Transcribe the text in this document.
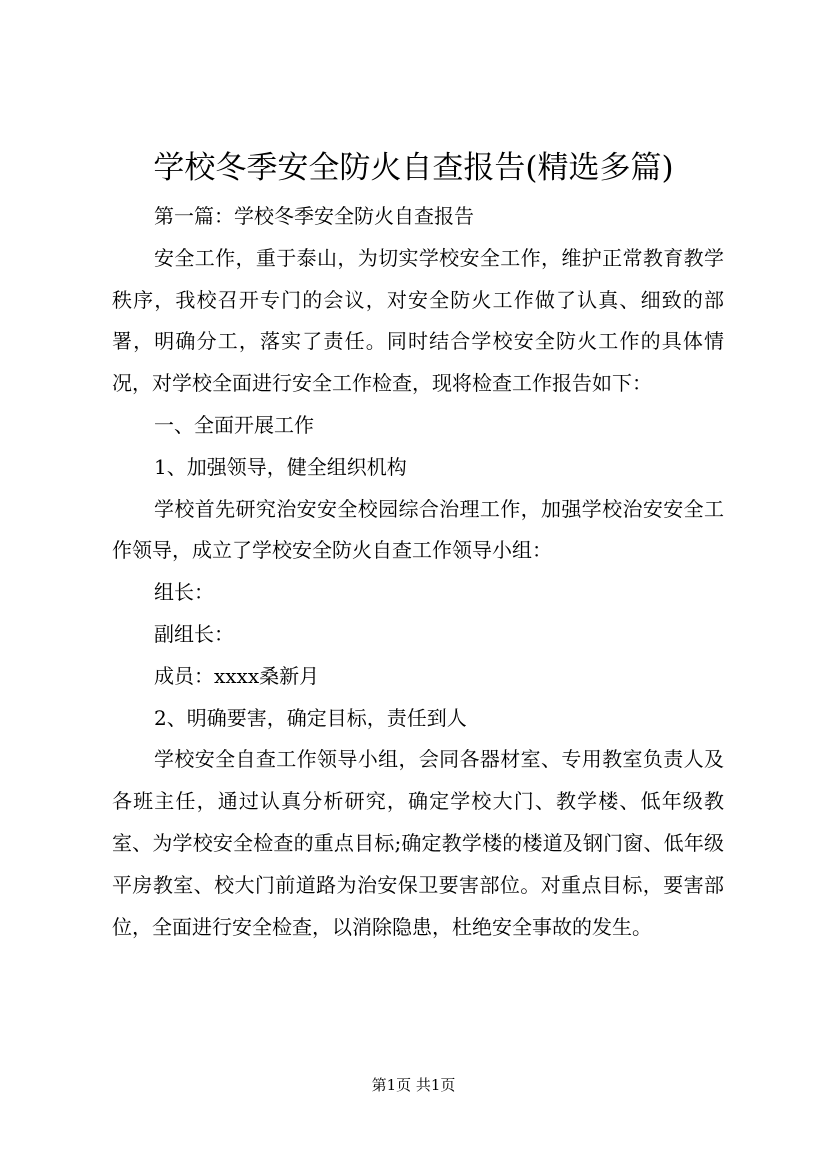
学校冬季安全防火自查报告(精选多篇)

第一篇：学校冬季安全防火自查报告

安全工作，重于泰山，为切实学校安全工作，维护正常教育教学秩序，我校召开专门的会议，对安全防火工作做了认真、细致的部署，明确分工，落实了责任。同时结合学校安全防火工作的具体情况，对学校全面进行安全工作检查，现将检查工作报告如下：

一、全面开展工作

1、加强领导，健全组织机构

学校首先研究治安安全校园综合治理工作，加强学校治安安全工作领导，成立了学校安全防火自查工作领导小组：

组长：

副组长：

成员：xxxx桑新月

2、明确要害，确定目标，责任到人

学校安全自查工作领导小组，会同各器材室、专用教室负责人及各班主任，通过认真分析研究，确定学校大门、教学楼、低年级教室、为学校安全检查的重点目标;确定教学楼的楼道及钢门窗、低年级平房教室、校大门前道路为治安保卫要害部位。对重点目标，要害部位，全面进行安全检查，以消除隐患，杜绝安全事故的发生。

第1页 共1页
